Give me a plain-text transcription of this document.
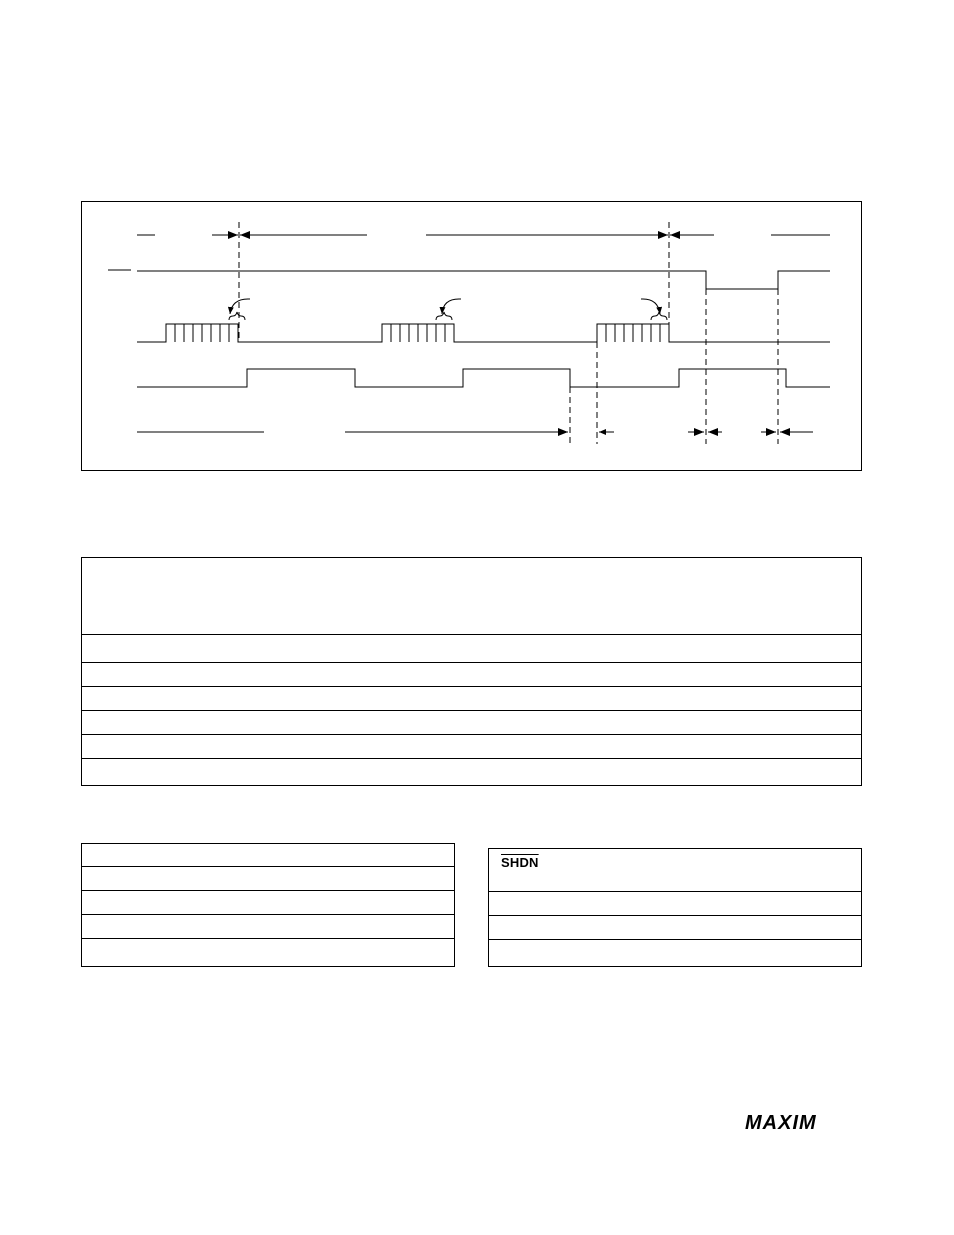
SHDN
MAXIM
